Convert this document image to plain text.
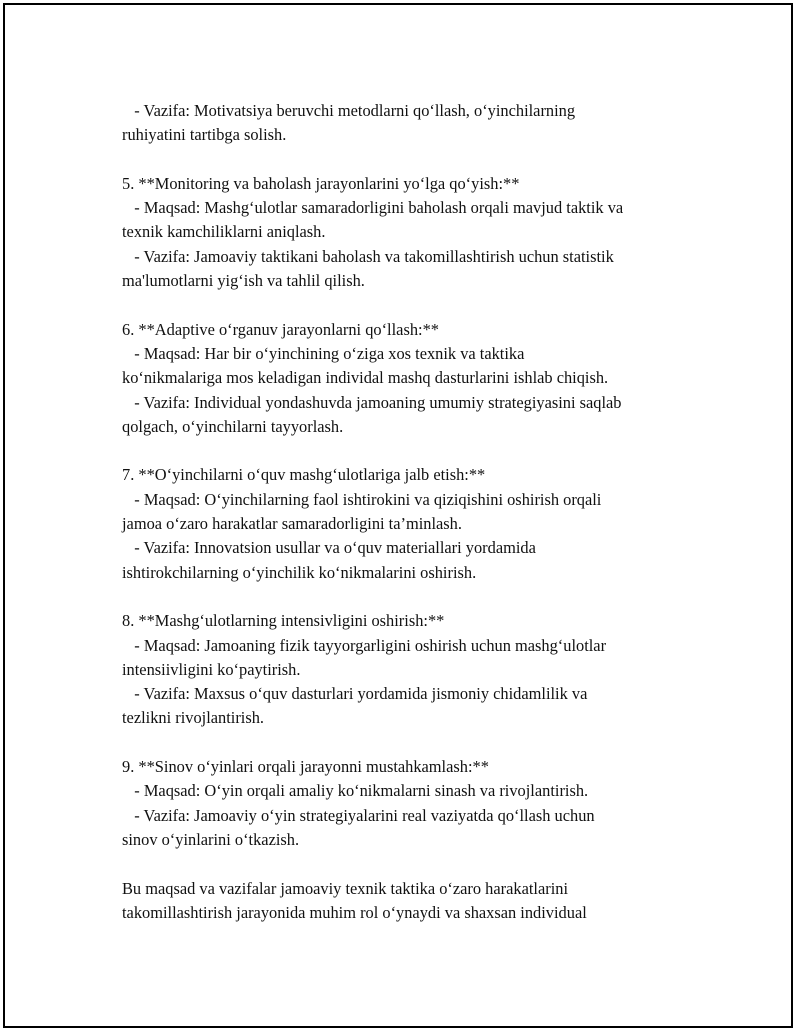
- Vazifa: Motivatsiya beruvchi metodlarni qo‘llash, o‘yinchilarning
ruhiyatini tartibga solish.
5. **Monitoring va baholash jarayonlarini yo‘lga qo‘yish:**
- Maqsad: Mashg‘ulotlar samaradorligini baholash orqali mavjud taktik va
texnik kamchiliklarni aniqlash.
- Vazifa: Jamoaviy taktikani baholash va takomillashtirish uchun statistik
ma'lumotlarni yig‘ish va tahlil qilish.
6. **Adaptive o‘rganuv jarayonlarni qo‘llash:**
- Maqsad: Har bir o‘yinchining o‘ziga xos texnik va taktika
ko‘nikmalariga mos keladigan individal mashq dasturlarini ishlab chiqish.
- Vazifa: Individual yondashuvda jamoaning umumiy strategiyasini saqlab
qolgach, o‘yinchilarni tayyorlash.
7. **O‘yinchilarni o‘quv mashg‘ulotlariga jalb etish:**
- Maqsad: O‘yinchilarning faol ishtirokini va qiziqishini oshirish orqali
jamoa o‘zaro harakatlar samaradorligini ta’minlash.
- Vazifa: Innovatsion usullar va o‘quv materiallari yordamida
ishtirokchilarning o‘yinchilik ko‘nikmalarini oshirish.
8. **Mashg‘ulotlarning intensivligini oshirish:**
- Maqsad: Jamoaning fizik tayyorgarligini oshirish uchun mashg‘ulotlar
intensiivligini ko‘paytirish.
- Vazifa: Maxsus o‘quv dasturlari yordamida jismoniy chidamlilik va
tezlikni rivojlantirish.
9. **Sinov o‘yinlari orqali jarayonni mustahkamlash:**
- Maqsad: O‘yin orqali amaliy ko‘nikmalarni sinash va rivojlantirish.
- Vazifa: Jamoaviy o‘yin strategiyalarini real vaziyatda qo‘llash uchun
sinov o‘yinlarini o‘tkazish.
Bu maqsad va vazifalar jamoaviy texnik taktika o‘zaro harakatlarini
takomillashtirish jarayonida muhim rol o‘ynaydi va shaxsan individual
